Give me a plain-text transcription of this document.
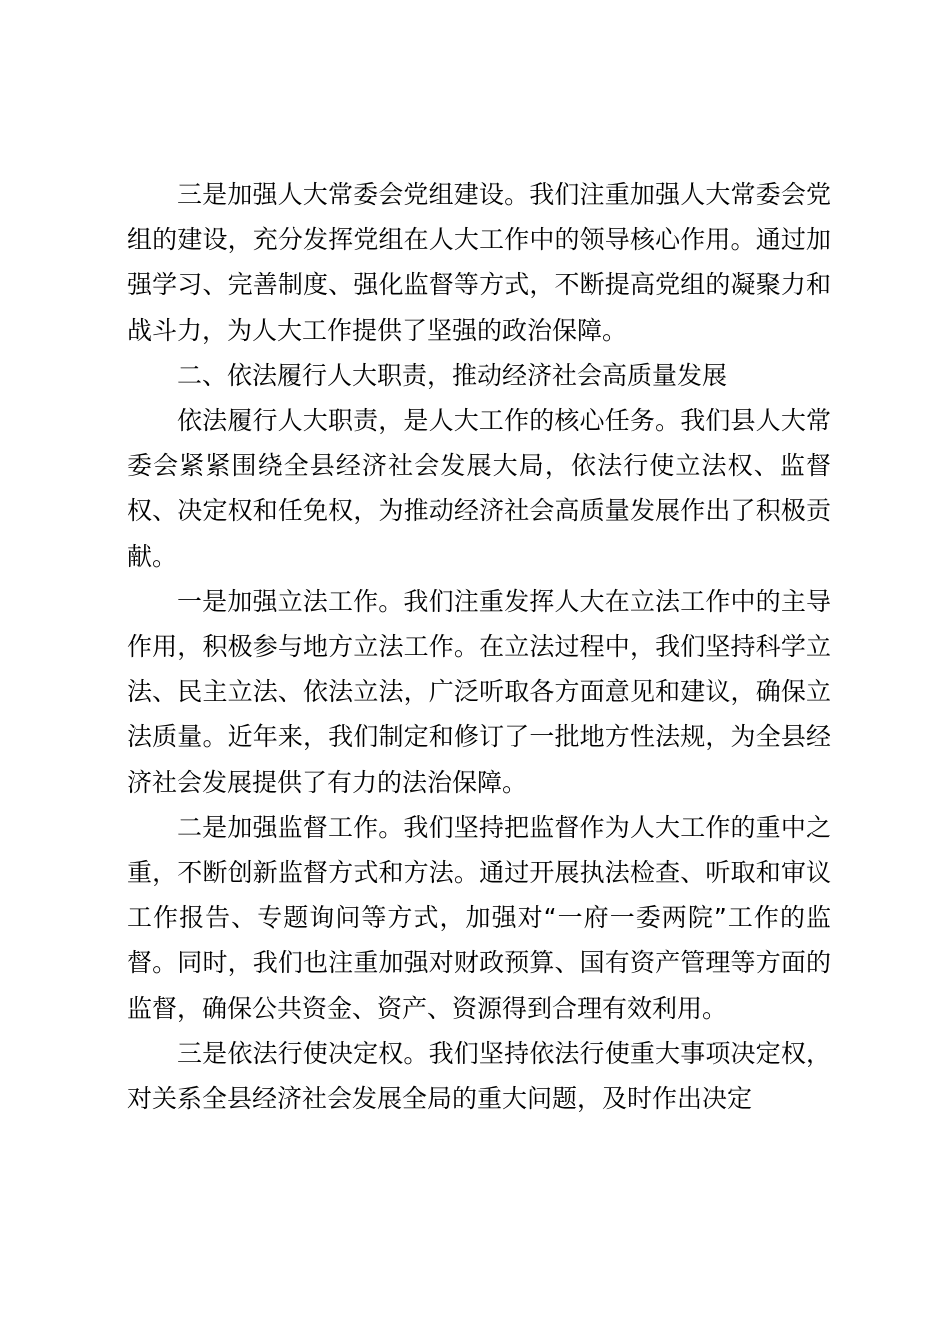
三是加强人大常委会党组建设。我们注重加强人大常委会党组的建设，充分发挥党组在人大工作中的领导核心作用。通过加强学习、完善制度、强化监督等方式，不断提高党组的凝聚力和战斗力，为人大工作提供了坚强的政治保障。

二、依法履行人大职责，推动经济社会高质量发展

依法履行人大职责，是人大工作的核心任务。我们县人大常委会紧紧围绕全县经济社会发展大局，依法行使立法权、监督权、决定权和任免权，为推动经济社会高质量发展作出了积极贡献。

一是加强立法工作。我们注重发挥人大在立法工作中的主导作用，积极参与地方立法工作。在立法过程中，我们坚持科学立法、民主立法、依法立法，广泛听取各方面意见和建议，确保立法质量。近年来，我们制定和修订了一批地方性法规，为全县经济社会发展提供了有力的法治保障。

二是加强监督工作。我们坚持把监督作为人大工作的重中之重，不断创新监督方式和方法。通过开展执法检查、听取和审议工作报告、专题询问等方式，加强对“一府一委两院”工作的监督。同时，我们也注重加强对财政预算、国有资产管理等方面的监督，确保公共资金、资产、资源得到合理有效利用。

三是依法行使决定权。我们坚持依法行使重大事项决定权，对关系全县经济社会发展全局的重大问题，及时作出决定
